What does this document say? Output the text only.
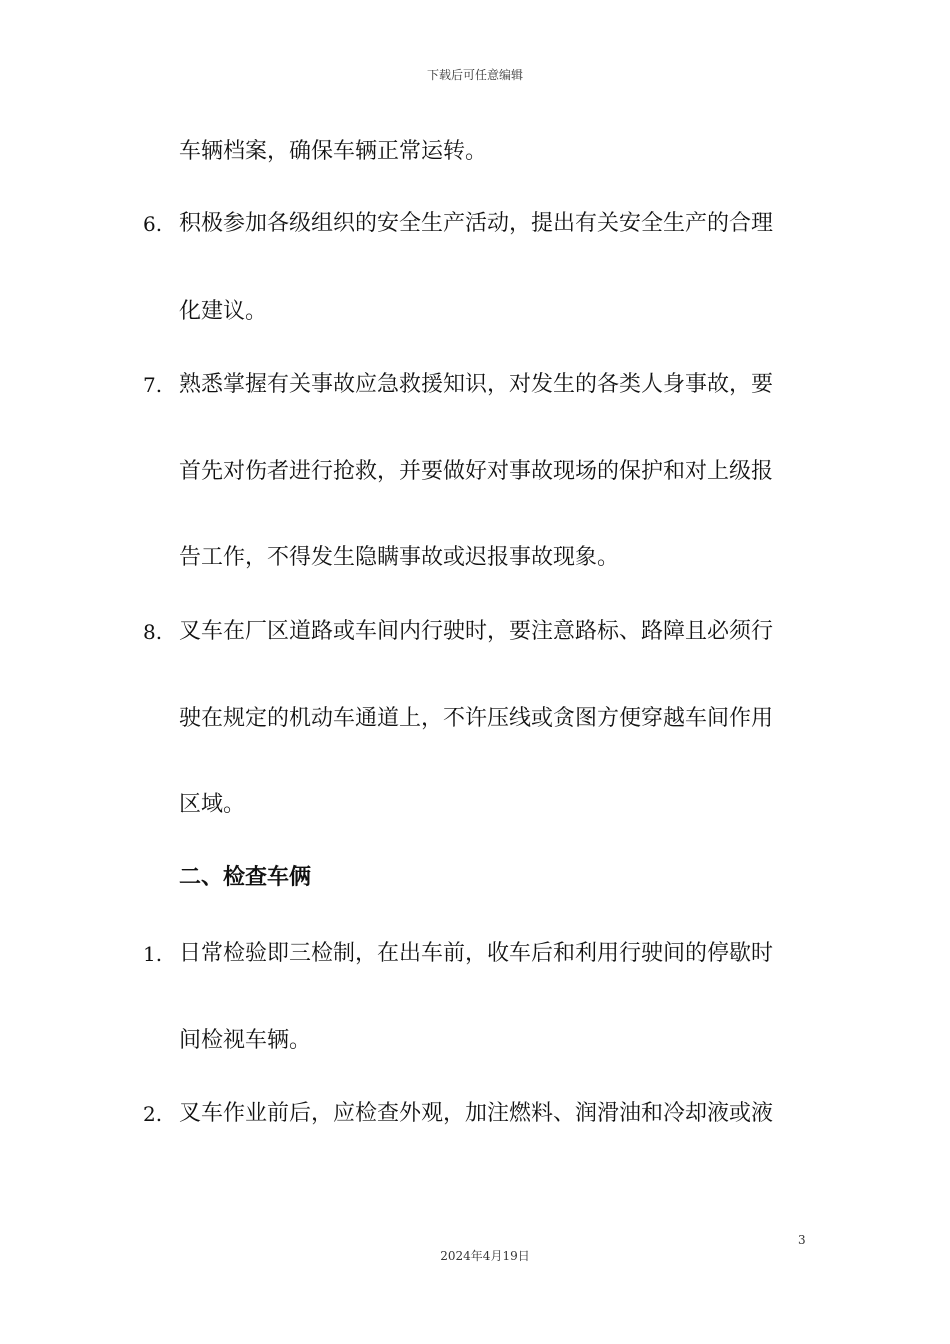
下载后可任意编辑
车辆档案，确保车辆正常运转。
6. 积极参加各级组织的安全生产活动，提出有关安全生产的合理
化建议。
7. 熟悉掌握有关事故应急救援知识，对发生的各类人身事故，要
首先对伤者进行抢救，并要做好对事故现场的保护和对上级报
告工作，不得发生隐瞒事故或迟报事故现象。
8. 叉车在厂区道路或车间内行驶时，要注意路标、路障且必须行
驶在规定的机动车通道上，不许压线或贪图方便穿越车间作用
区域。
二、检查车俩
1. 日常检验即三检制，在出车前，收车后和利用行驶间的停歇时
间检视车辆。
2. 叉车作业前后，应检查外观，加注燃料、润滑油和冷却液或液
3
2024年4月19日
